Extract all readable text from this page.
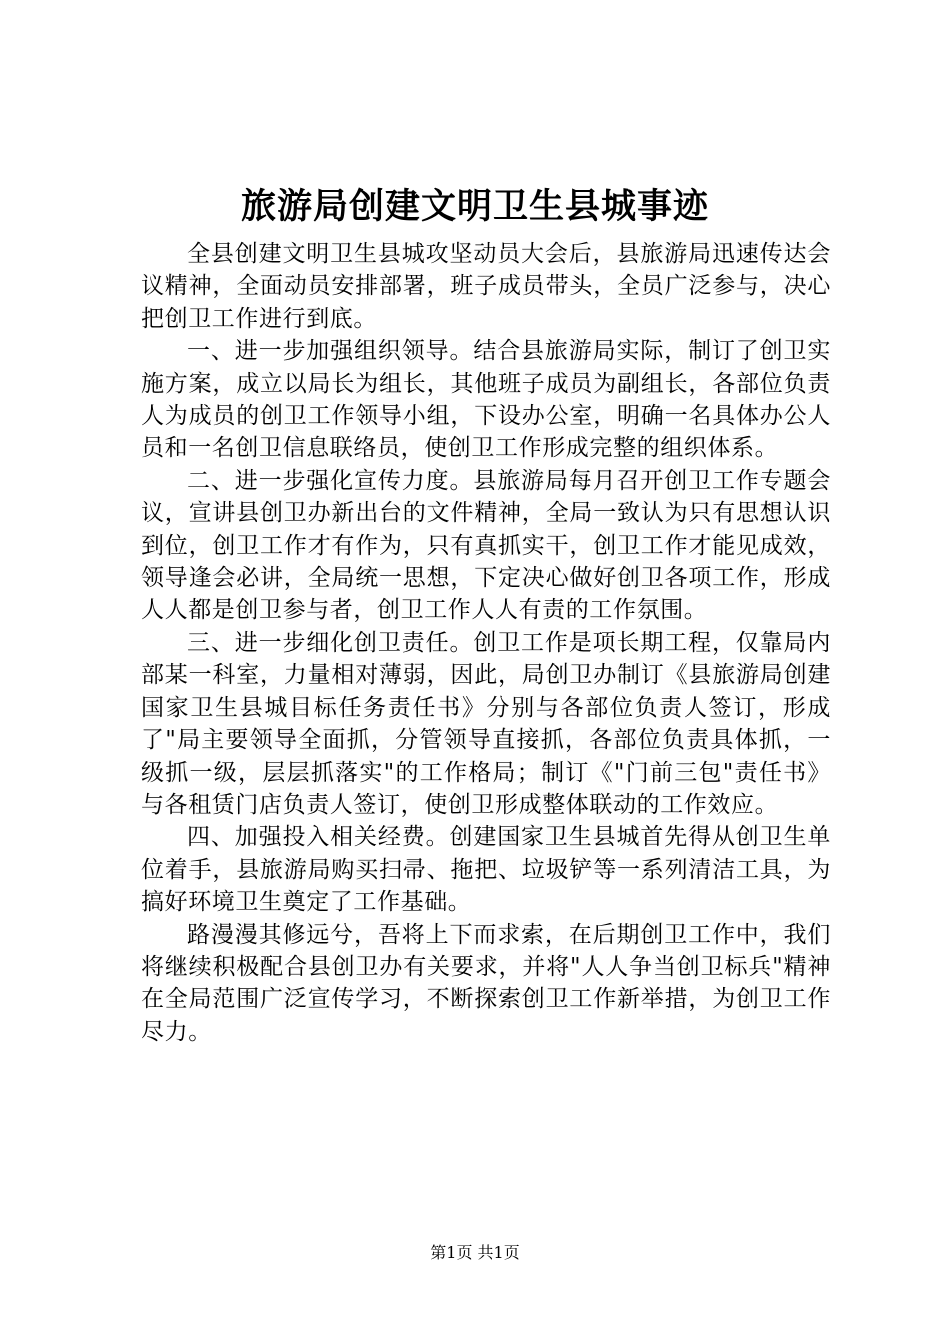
旅游局创建文明卫生县城事迹

全县创建文明卫生县城攻坚动员大会后，县旅游局迅速传达会议精神，全面动员安排部署，班子成员带头，全员广泛参与，决心把创卫工作进行到底。

一、进一步加强组织领导。结合县旅游局实际，制订了创卫实施方案，成立以局长为组长，其他班子成员为副组长，各部位负责人为成员的创卫工作领导小组，下设办公室，明确一名具体办公人员和一名创卫信息联络员，使创卫工作形成完整的组织体系。

二、进一步强化宣传力度。县旅游局每月召开创卫工作专题会议，宣讲县创卫办新出台的文件精神，全局一致认为只有思想认识到位，创卫工作才有作为，只有真抓实干，创卫工作才能见成效，领导逢会必讲，全局统一思想，下定决心做好创卫各项工作，形成人人都是创卫参与者，创卫工作人人有责的工作氛围。

三、进一步细化创卫责任。创卫工作是项长期工程，仅靠局内部某一科室，力量相对薄弱，因此，局创卫办制订《县旅游局创建国家卫生县城目标任务责任书》分别与各部位负责人签订，形成了"局主要领导全面抓，分管领导直接抓，各部位负责具体抓，一级抓一级，层层抓落实"的工作格局；制订《"门前三包"责任书》与各租赁门店负责人签订，使创卫形成整体联动的工作效应。

四、加强投入相关经费。创建国家卫生县城首先得从创卫生单位着手，县旅游局购买扫帚、拖把、垃圾铲等一系列清洁工具，为搞好环境卫生奠定了工作基础。

路漫漫其修远兮，吾将上下而求索，在后期创卫工作中，我们将继续积极配合县创卫办有关要求，并将"人人争当创卫标兵"精神在全局范围广泛宣传学习，不断探索创卫工作新举措，为创卫工作尽力。

第1页 共1页
